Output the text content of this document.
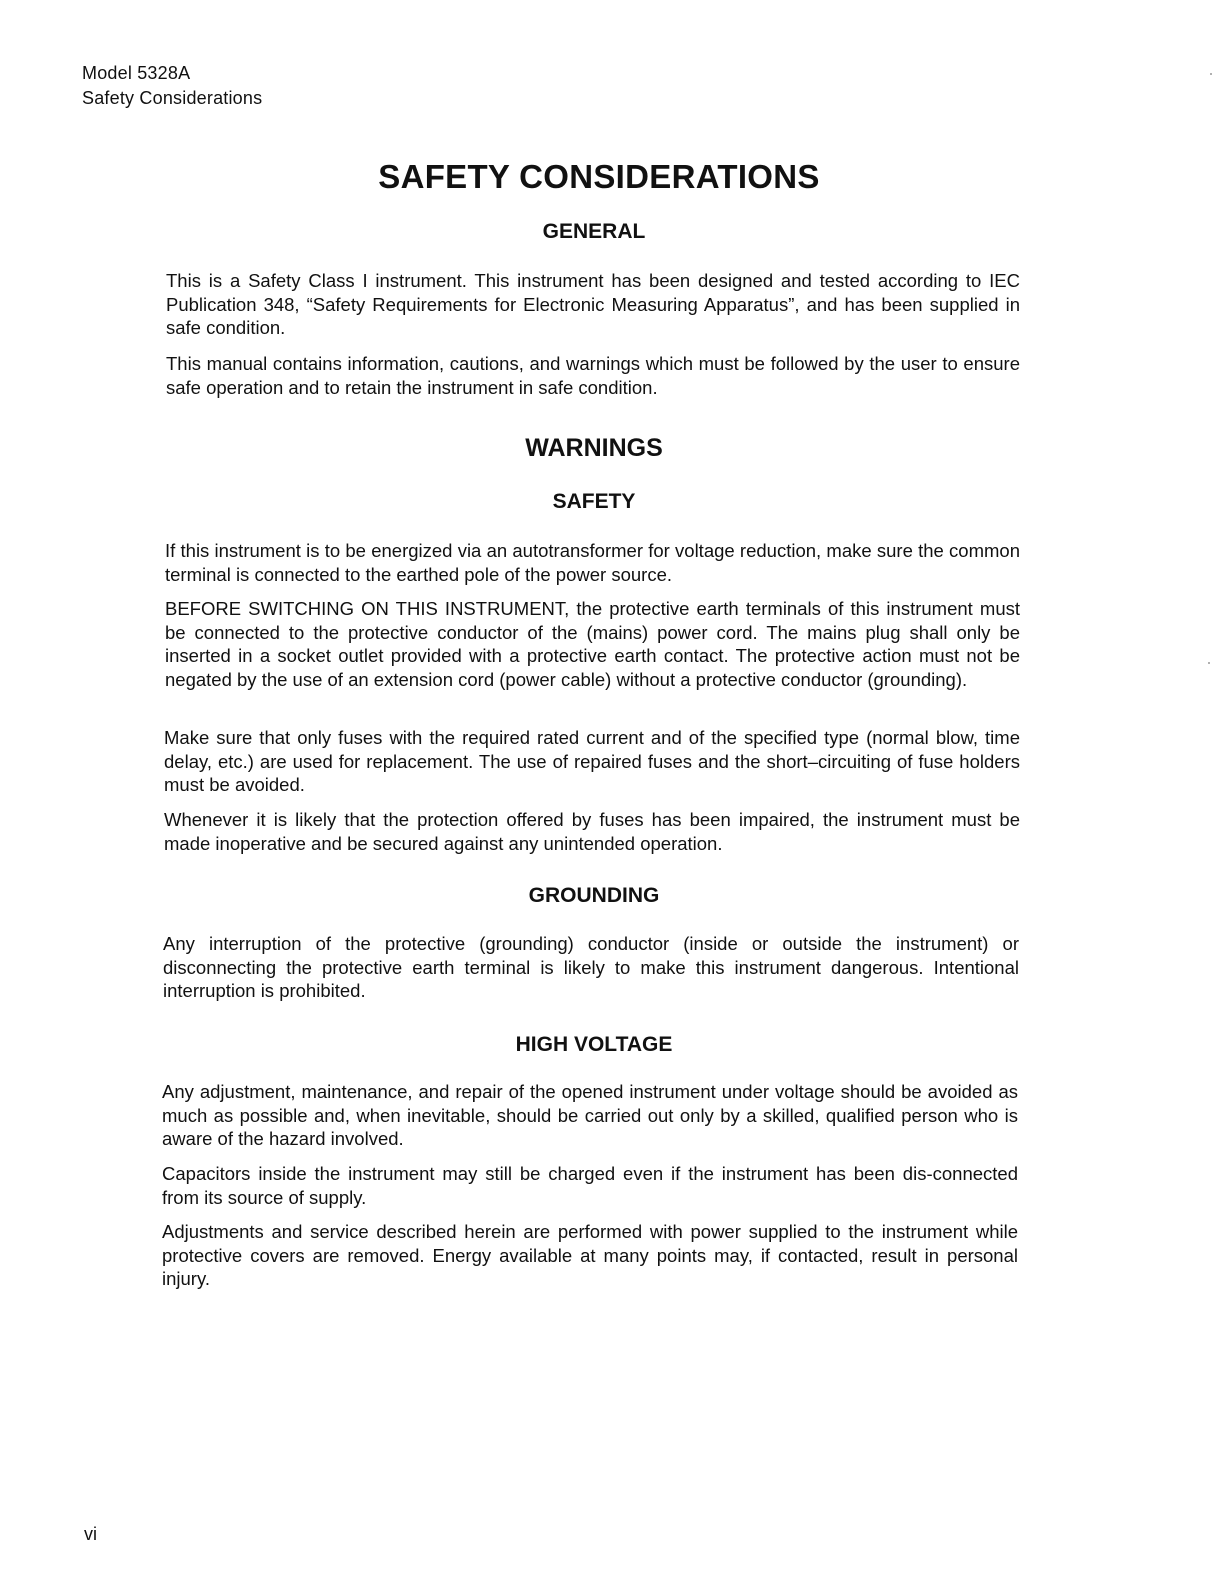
Model 5328A
Safety Considerations
SAFETY CONSIDERATIONS
GENERAL

This is a Safety Class I instrument. This instrument has been designed and tested according to IEC Publication 348, “Safety Requirements for Electronic Measuring Apparatus”, and has been supplied in safe condition.

This manual contains information, cautions, and warnings which must be followed by the user to ensure safe operation and to retain the instrument in safe condition.

WARNINGS
SAFETY

If this instrument is to be energized via an autotransformer for voltage reduction, make sure the common terminal is connected to the earthed pole of the power source.

BEFORE SWITCHING ON THIS INSTRUMENT, the protective earth terminals of this instrument must be connected to the protective conductor of the (mains) power cord. The mains plug shall only be inserted in a socket outlet provided with a protective earth contact. The protective action must not be negated by the use of an extension cord (power cable) without a protective conductor (grounding).

Make sure that only fuses with the required rated current and of the specified type (normal blow, time delay, etc.) are used for replacement. The use of repaired fuses and the short–circuiting of fuse holders must be avoided.

Whenever it is likely that the protection offered by fuses has been impaired, the instrument must be made inoperative and be secured against any unintended operation.

GROUNDING

Any interruption of the protective (grounding) conductor (inside or outside the instrument) or disconnecting the protective earth terminal is likely to make this instrument dangerous. Intentional interruption is prohibited.

HIGH VOLTAGE

Any adjustment, maintenance, and repair of the opened instrument under voltage should be avoided as much as possible and, when inevitable, should be carried out only by a skilled, qualified person who is aware of the hazard involved.

Capacitors inside the instrument may still be charged even if the instrument has been dis-connected from its source of supply.

Adjustments and service described herein are performed with power supplied to the instrument while protective covers are removed. Energy available at many points may, if contacted, result in personal injury.

vi
